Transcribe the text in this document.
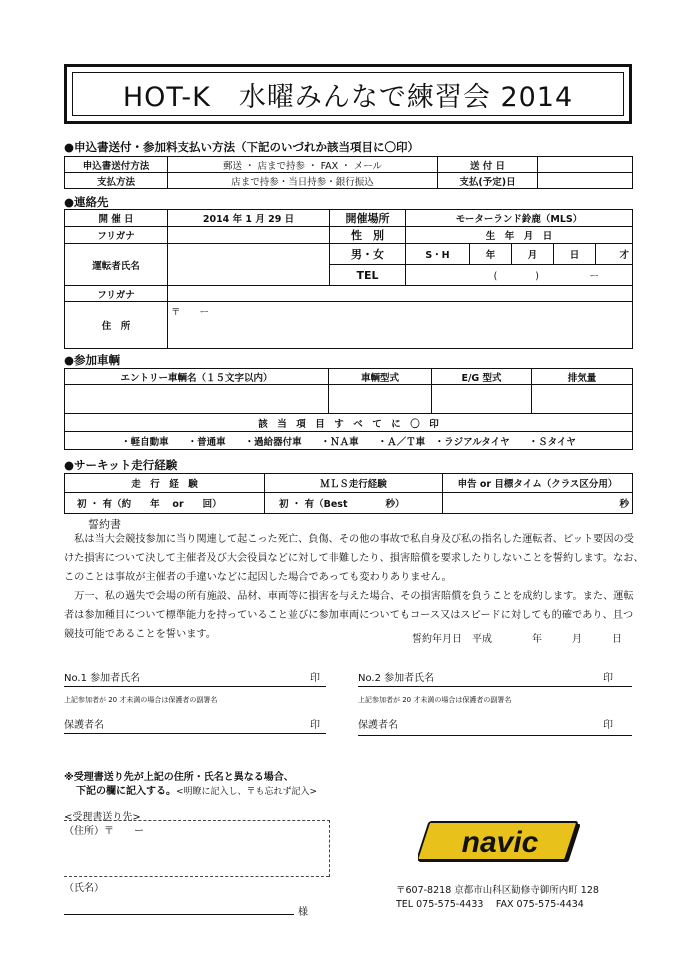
HOT-K　水曜みんなで練習会 2014
●申込書送付・参加料支払い方法（下記のいづれか該当項目に〇印）
申込書送付方法	郵送 ・ 店まで持参 ・ FAX ・ メール	送 付 日	
支払方法	店まで持参・当日持参・銀行振込	支払(予定)日	
●連絡先
開 催 日	2014 年 1 月 29 日	開催場所	モーターランド鈴鹿（MLS）				
フリガナ		性　別	生　年　月　日				
運転者氏名		男・女	S・H	年	月	日	才
		TEL	(　　　　) ー				
フリガナ							
住　所	〒　　ー						
●参加車輌
エントリー車輌名（１５文字以内）	車輌型式	E/G 型式	排気量

該　当　項　目　す　べ　て　に　〇　印			
・軽自動車　　・普通車　　・過給器付車　　・ＮＡ車　　・Ａ／Ｔ車　・ラジアルタイヤ　　・Ｓタイヤ			
●サーキット走行経験
走　行　経　験	ＭＬＳ走行経験	申告 or 目標タイム（クラス区分用）
初 ・ 有（約　　年　 or　　回）	初 ・ 有（Best　　　　秒）	秒
誓約書
　私は当大会競技参加に当り関連して起こった死亡、負傷、その他の事故で私自身及び私の指名した運転者、ピット要因の受
けた損害について決して主催者及び大会役員などに対して非難したり、損害賠償を要求したりしないことを誓約します。なお、
このことは事故が主催者の手違いなどに起因した場合であっても変わりありません。
　万一、私の過失で会場の所有施設、品材、車両等に損害を与えた場合、その損害賠償を負うことを成約します。また、運転
者は参加種目について標準能力を持っていること並びに参加車両についてもコース又はスピードに対しても的確であり、且つ
競技可能であることを誓います。	誓約年月日　平成　　　　年　　　月　　　日
No.1 参加者氏名	印
上記参加者が 20 才未満の場合は保護者の副署名
保護者名	印
No.2 参加者氏名	印
上記参加者が 20 才未満の場合は保護者の副署名
保護者名	印
※受理書送り先が上記の住所・氏名と異なる場合、
下記の欄に記入する。<明瞭に記入し、〒も忘れず記入>
<受理書送り先>
（住所）〒　　ー
（氏名）
様
navic
〒607-8218 京都市山科区勧修寺御所内町 128
TEL 075-575-4433　 FAX 075-575-4434
